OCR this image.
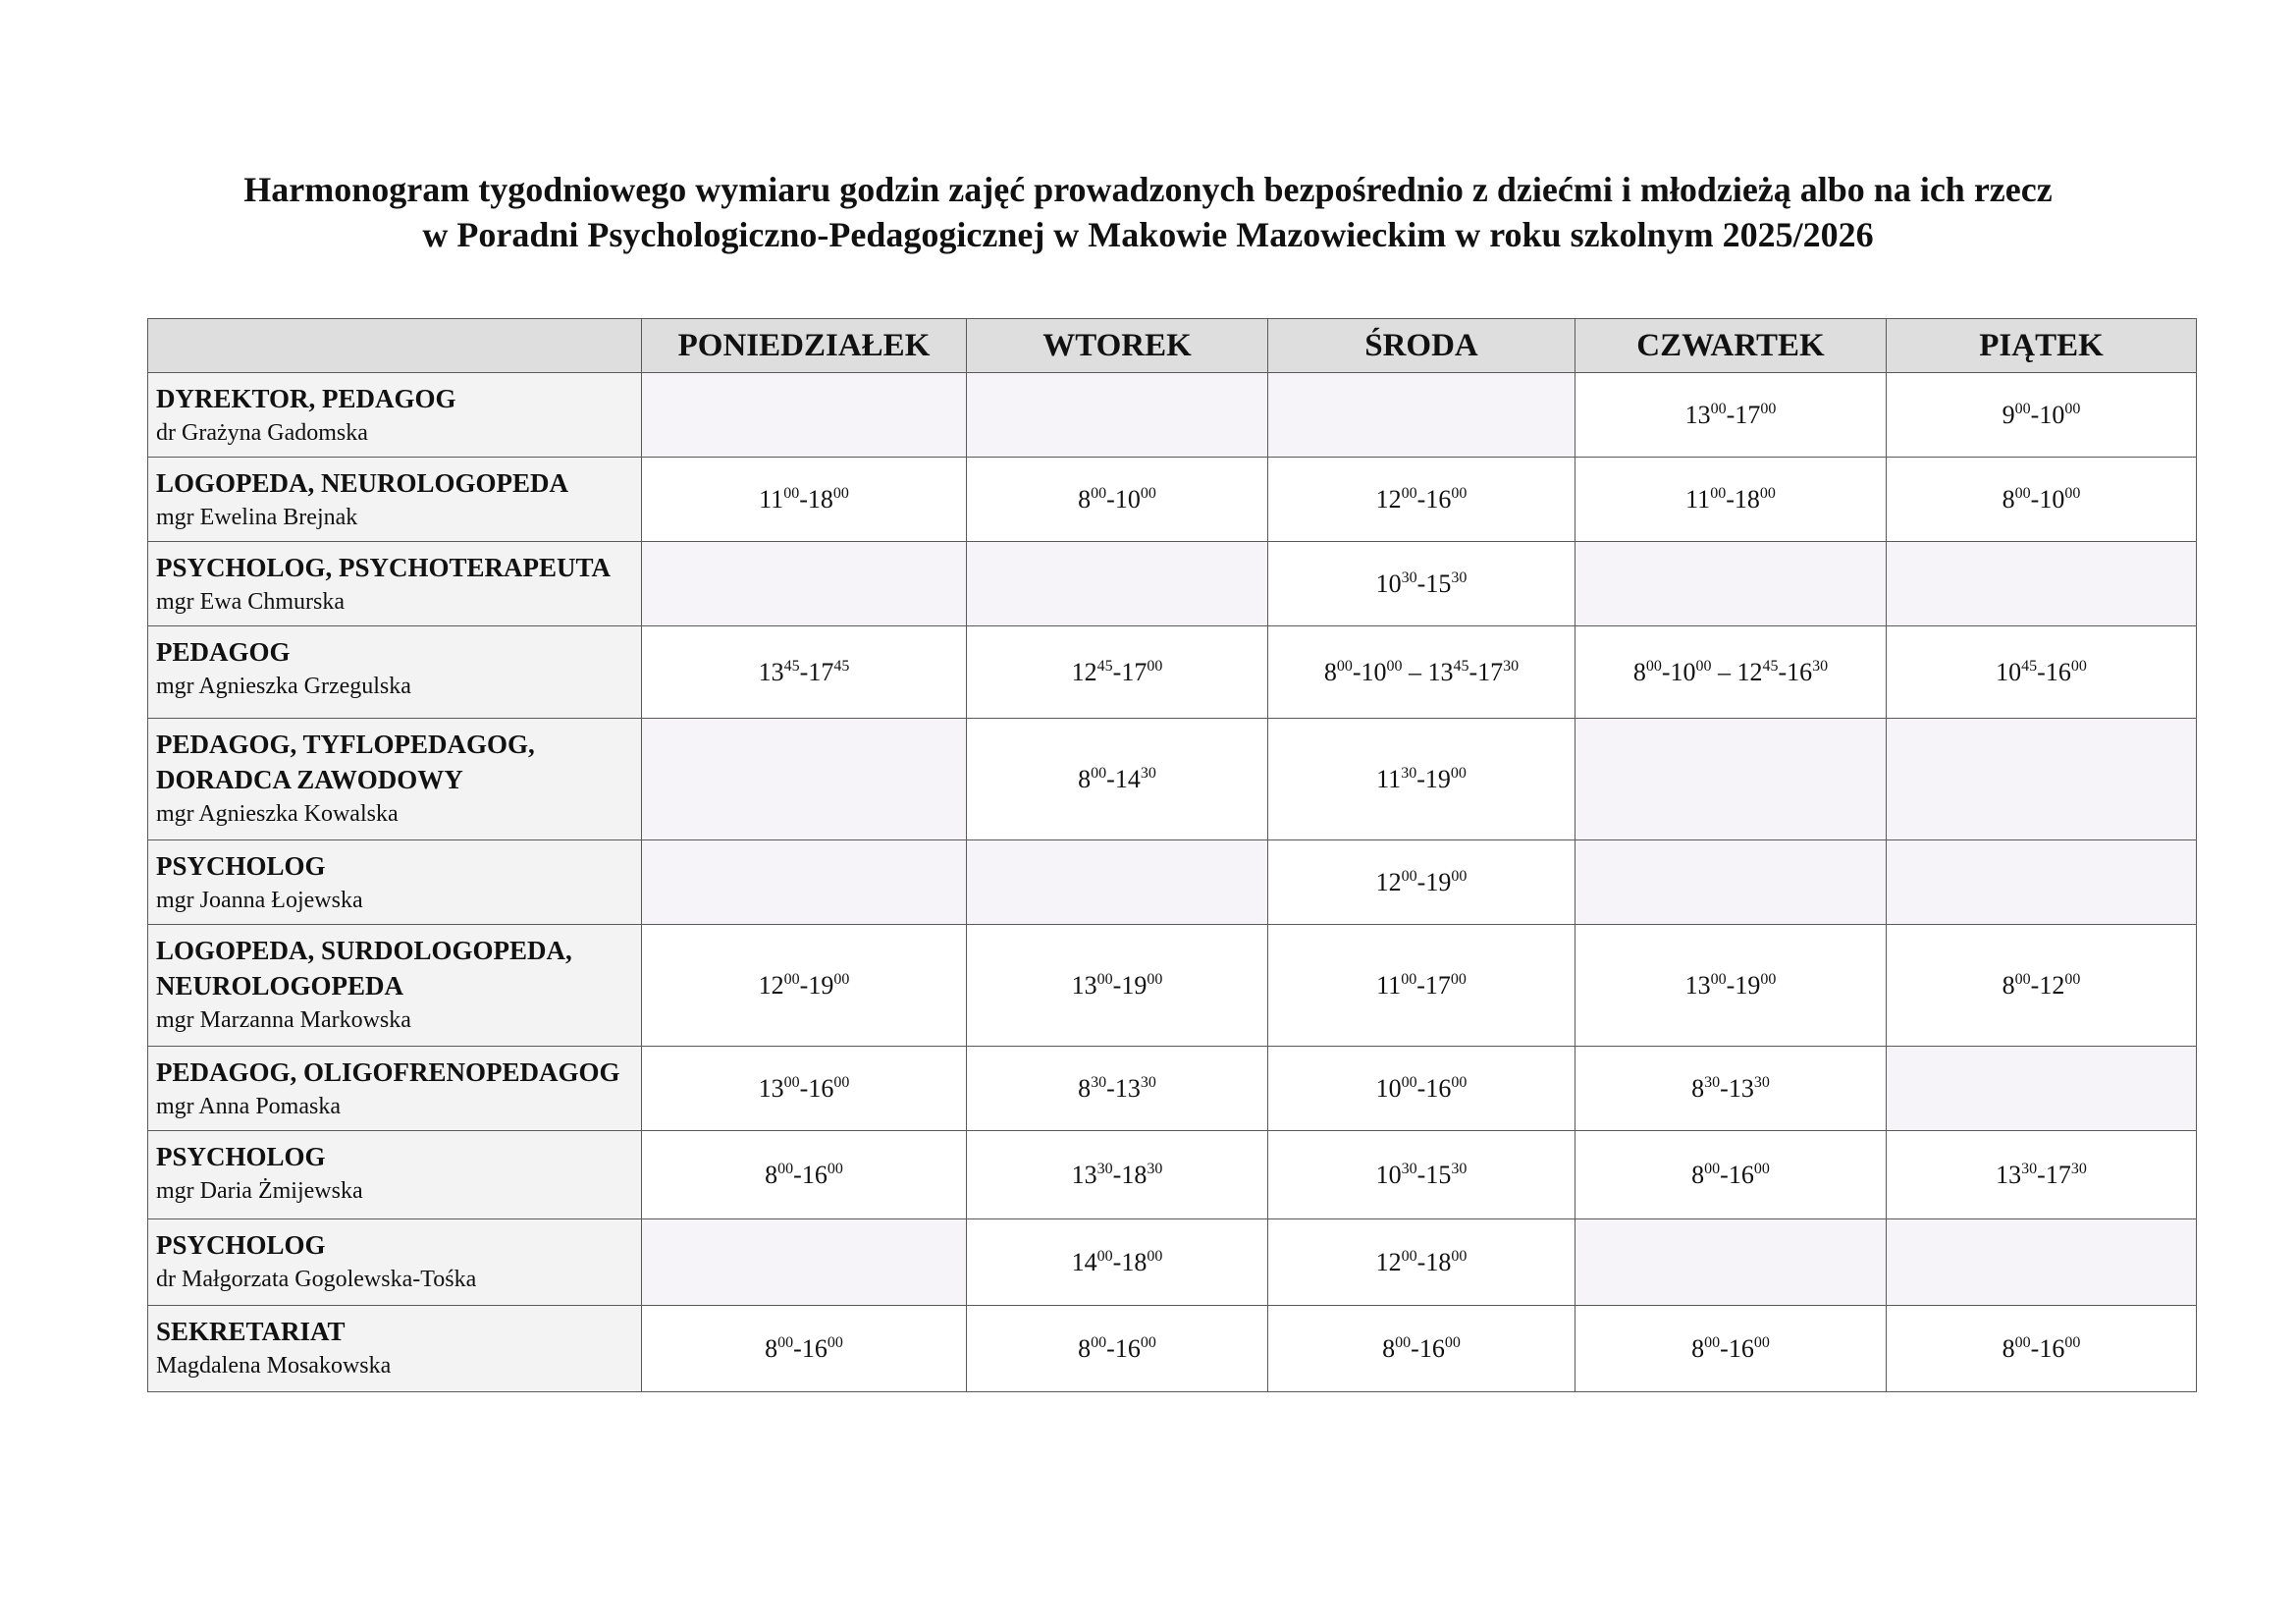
Harmonogram tygodniowego wymiaru godzin zajęć prowadzonych bezpośrednio z dziećmi i młodzieżą albo na ich rzecz
w Poradni Psychologiczno-Pedagogicznej w Makowie Mazowieckim w roku szkolnym 2025/2026
	PONIEDZIAŁEK	WTOREK	ŚRODA	CZWARTEK	PIĄTEK

DYREKTOR, PEDAGOG
dr Grażyna Gadomska				$13^{00}-17^{00}$	$9^{00}-10^{00}$

LOGOPEDA, NEUROLOGOPEDA
mgr Ewelina Brejnak	$11^{00}-18^{00}$	$8^{00}-10^{00}$	$12^{00}-16^{00}$	$11^{00}-18^{00}$	$8^{00}-10^{00}$

PSYCHOLOG, PSYCHOTERAPEUTA
mgr Ewa Chmurska			$10^{30}-15^{30}$		

PEDAGOG
mgr Agnieszka Grzegulska	$13^{45}-17^{45}$	$12^{45}-17^{00}$	$8^{00}-10^{00} - 13^{45}-17^{30}$	$8^{00}-10^{00} - 12^{45}-16^{30}$	$10^{45}-16^{00}$

PEDAGOG, TYFLOPEDAGOG,
DORADCA ZAWODOWY
mgr Agnieszka Kowalska		$8^{00}-14^{30}$	$11^{30}-19^{00}$		

PSYCHOLOG
mgr Joanna Łojewska			$12^{00}-19^{00}$		

LOGOPEDA, SURDOLOGOPEDA,
NEUROLOGOPEDA
mgr Marzanna Markowska	$12^{00}-19^{00}$	$13^{00}-19^{00}$	$11^{00}-17^{00}$	$13^{00}-19^{00}$	$8^{00}-12^{00}$

PEDAGOG, OLIGOFRENOPEDAGOG
mgr Anna Pomaska	$13^{00}-16^{00}$	$8^{30}-13^{30}$	$10^{00}-16^{00}$	$8^{30}-13^{30}$	

PSYCHOLOG
mgr Daria Żmijewska	$8^{00}-16^{00}$	$13^{30}-18^{30}$	$10^{30}-15^{30}$	$8^{00}-16^{00}$	$13^{30}-17^{30}$

PSYCHOLOG
dr Małgorzata Gogolewska-Tośka		$14^{00}-18^{00}$	$12^{00}-18^{00}$		

SEKRETARIAT
Magdalena Mosakowska	$8^{00}-16^{00}$	$8^{00}-16^{00}$	$8^{00}-16^{00}$	$8^{00}-16^{00}$	$8^{00}-16^{00}$
